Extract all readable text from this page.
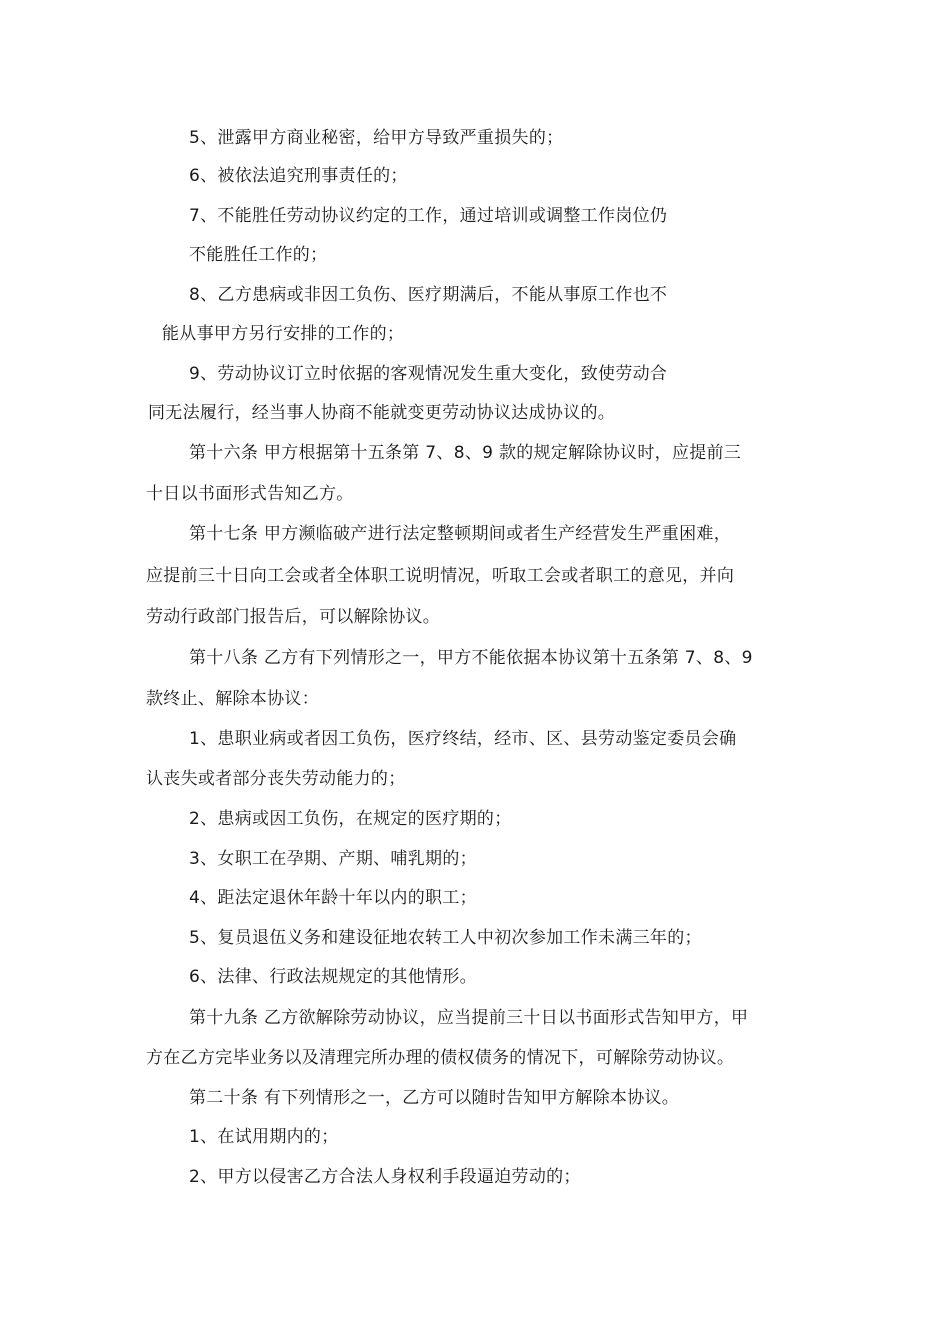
5、泄露甲方商业秘密，给甲方导致严重损失的；
6、被依法追究刑事责任的；
7、不能胜任劳动协议约定的工作，通过培训或调整工作岗位仍
不能胜任工作的；
8、乙方患病或非因工负伤、医疗期满后，不能从事原工作也不
能从事甲方另行安排的工作的；
9、劳动协议订立时依据的客观情况发生重大变化，致使劳动合
同无法履行，经当事人协商不能就变更劳动协议达成协议的。
第十六条 甲方根据第十五条第 7、8、9 款的规定解除协议时，应提前三
十日以书面形式告知乙方。
第十七条 甲方濒临破产进行法定整顿期间或者生产经营发生严重困难，
应提前三十日向工会或者全体职工说明情况，听取工会或者职工的意见，并向
劳动行政部门报告后，可以解除协议。
第十八条 乙方有下列情形之一，甲方不能依据本协议第十五条第 7、8、9
款终止、解除本协议：
1、患职业病或者因工负伤，医疗终结，经市、区、县劳动鉴定委员会确
认丧失或者部分丧失劳动能力的；
2、患病或因工负伤，在规定的医疗期的；
3、女职工在孕期、产期、哺乳期的；
4、距法定退休年龄十年以内的职工；
5、复员退伍义务和建设征地农转工人中初次参加工作未满三年的；
6、法律、行政法规规定的其他情形。
第十九条 乙方欲解除劳动协议，应当提前三十日以书面形式告知甲方，甲
方在乙方完毕业务以及清理完所办理的债权债务的情况下，可解除劳动协议。
第二十条 有下列情形之一，乙方可以随时告知甲方解除本协议。
1、在试用期内的；
2、甲方以侵害乙方合法人身权利手段逼迫劳动的；
